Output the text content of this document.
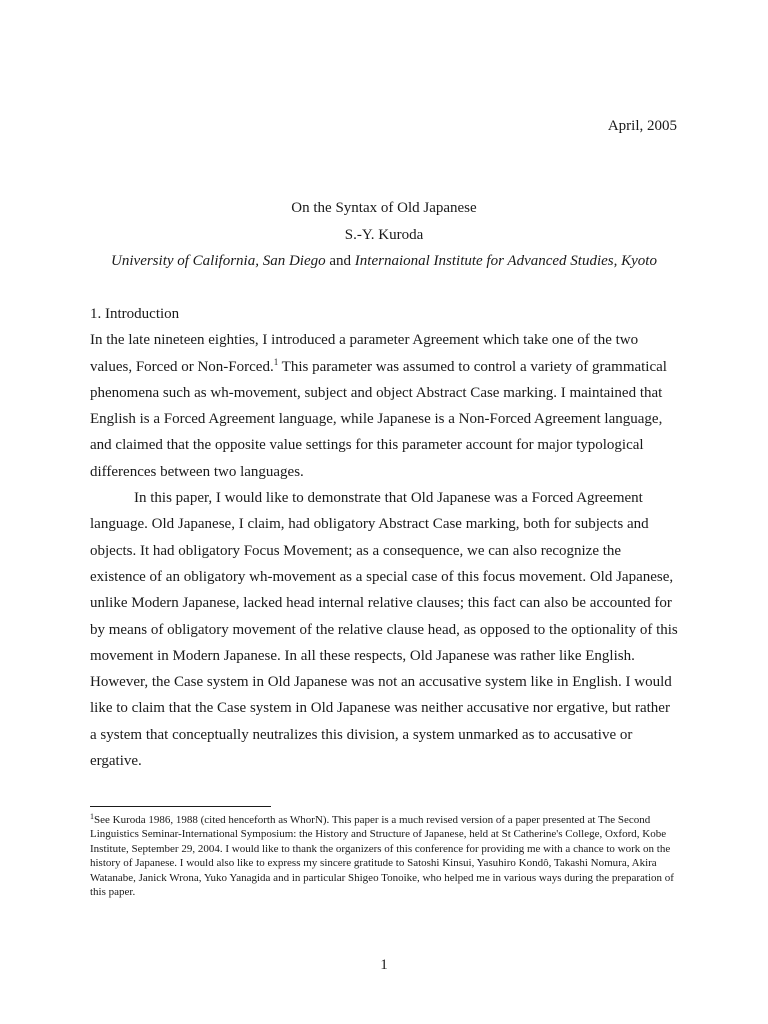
April, 2005
On the Syntax of Old Japanese
S.-Y. Kuroda
University of California, San Diego and Internaional Institute for Advanced Studies, Kyoto

1. Introduction

In the late nineteen eighties, I introduced a parameter Agreement which take one of the two values, Forced or Non-Forced.$^1$ This parameter was assumed to control a variety of grammatical phenomena such as wh-movement, subject and object Abstract Case marking. I maintained that English is a Forced Agreement language, while Japanese is a Non-Forced Agreement language, and claimed that the opposite value settings for this parameter account for major typological differences between two languages.

In this paper, I would like to demonstrate that Old Japanese was a Forced Agreement language. Old Japanese, I claim, had obligatory Abstract Case marking, both for subjects and objects. It had obligatory Focus Movement; as a consequence, we can also recognize the existence of an obligatory wh-movement as a special case of this focus movement. Old Japanese, unlike Modern Japanese, lacked head internal relative clauses; this fact can also be accounted for by means of obligatory movement of the relative clause head, as opposed to the optionality of this movement in Modern Japanese. In all these respects, Old Japanese was rather like English. However, the Case system in Old Japanese was not an accusative system like in English. I would like to claim that the Case system in Old Japanese was neither accusative nor ergative, but rather a system that conceptually neutralizes this division, a system unmarked as to accusative or ergative.

$^1$See Kuroda 1986, 1988 (cited henceforth as WhorN). This paper is a much revised version of a paper presented at The Second Linguistics Seminar-International Symposium: the History and Structure of Japanese, held at St Catherine's College, Oxford, Kobe Institute, September 29, 2004. I would like to thank the organizers of this conference for providing me with a chance to work on the history of Japanese. I would also like to express my sincere gratitude to Satoshi Kinsui, Yasuhiro Kondô, Takashi Nomura, Akira Watanabe, Janick Wrona, Yuko Yanagida and in particular Shigeo Tonoike, who helped me in various ways during the preparation of this paper.
1
